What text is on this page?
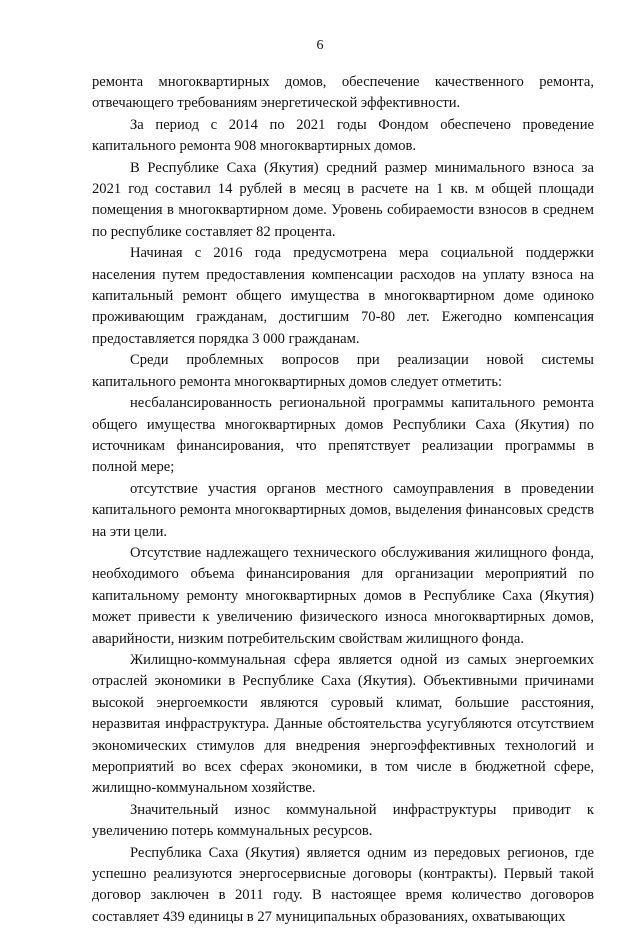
6

ремонта многоквартирных домов, обеспечение качественного ремонта, отвечающего требованиям энергетической эффективности.

За период с 2014 по 2021 годы Фондом обеспечено проведение капитального ремонта 908 многоквартирных домов.

В Республике Саха (Якутия) средний размер минимального взноса за 2021 год составил 14 рублей в месяц в расчете на 1 кв. м общей площади помещения в многоквартирном доме. Уровень собираемости взносов в среднем по республике составляет 82 процента.

Начиная с 2016 года предусмотрена мера социальной поддержки населения путем предоставления компенсации расходов на уплату взноса на капитальный ремонт общего имущества в многоквартирном доме одиноко проживающим гражданам, достигшим 70-80 лет. Ежегодно компенсация предоставляется порядка 3 000 гражданам.

Среди проблемных вопросов при реализации новой системы капитального ремонта многоквартирных домов следует отметить:

несбалансированность региональной программы капитального ремонта общего имущества многоквартирных домов Республики Саха (Якутия) по источникам финансирования, что препятствует реализации программы в полной мере;

отсутствие участия органов местного самоуправления в проведении капитального ремонта многоквартирных домов, выделения финансовых средств на эти цели.

Отсутствие надлежащего технического обслуживания жилищного фонда, необходимого объема финансирования для организации мероприятий по капитальному ремонту многоквартирных домов в Республике Саха (Якутия) может привести к увеличению физического износа многоквартирных домов, аварийности, низким потребительским свойствам жилищного фонда.

Жилищно-коммунальная сфера является одной из самых энергоемких отраслей экономики в Республике Саха (Якутия). Объективными причинами высокой энергоемкости являются суровый климат, большие расстояния, неразвитая инфраструктура. Данные обстоятельства усугубляются отсутствием экономических стимулов для внедрения энергоэффективных технологий и мероприятий во всех сферах экономики, в том числе в бюджетной сфере, жилищно-коммунальном хозяйстве.

Значительный износ коммунальной инфраструктуры приводит к увеличению потерь коммунальных ресурсов.

Республика Саха (Якутия) является одним из передовых регионов, где успешно реализуются энергосервисные договоры (контракты). Первый такой договор заключен в 2011 году. В настоящее время количество договоров составляет 439 единицы в 27 муниципальных образованиях, охватывающих
